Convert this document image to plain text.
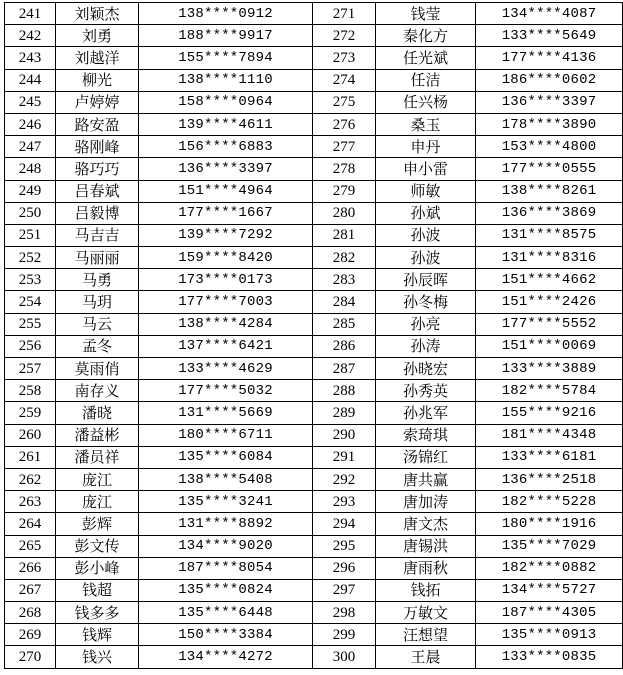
241	刘颖杰	138****0912	271	钱莹	134****4087
242	刘勇	188****9917	272	秦化方	133****5649
243	刘越洋	155****7894	273	任光斌	177****4136
244	柳光	138****1110	274	任洁	186****0602
245	卢婷婷	158****0964	275	任兴杨	136****3397
246	路安盈	139****4611	276	桑玉	178****3890
247	骆刚峰	156****6883	277	申丹	153****4800
248	骆巧巧	136****3397	278	申小雷	177****0555
249	吕春斌	151****4964	279	师敏	138****8261
250	吕毅博	177****1667	280	孙斌	136****3869
251	马吉吉	139****7292	281	孙波	131****8575
252	马丽丽	159****8420	282	孙波	131****8316
253	马勇	173****0173	283	孙辰晖	151****4662
254	马玥	177****7003	284	孙冬梅	151****2426
255	马云	138****4284	285	孙亮	177****5552
256	孟冬	137****6421	286	孙涛	151****0069
257	莫雨俏	133****4629	287	孙晓宏	133****3889
258	南存义	177****5032	288	孙秀英	182****5784
259	潘晓	131****5669	289	孙兆军	155****9216
260	潘益彬	180****6711	290	索琦琪	181****4348
261	潘员祥	135****6084	291	汤锦红	133****6181
262	庞江	138****5408	292	唐共赢	136****2518
263	庞江	135****3241	293	唐加涛	182****5228
264	彭辉	131****8892	294	唐文杰	180****1916
265	彭文传	134****9020	295	唐锡洪	135****7029
266	彭小峰	187****8054	296	唐雨秋	182****0882
267	钱超	135****0824	297	钱拓	134****5727
268	钱多多	135****6448	298	万敏文	187****4305
269	钱辉	150****3384	299	汪想望	135****0913
270	钱兴	134****4272	300	王晨	133****0835
